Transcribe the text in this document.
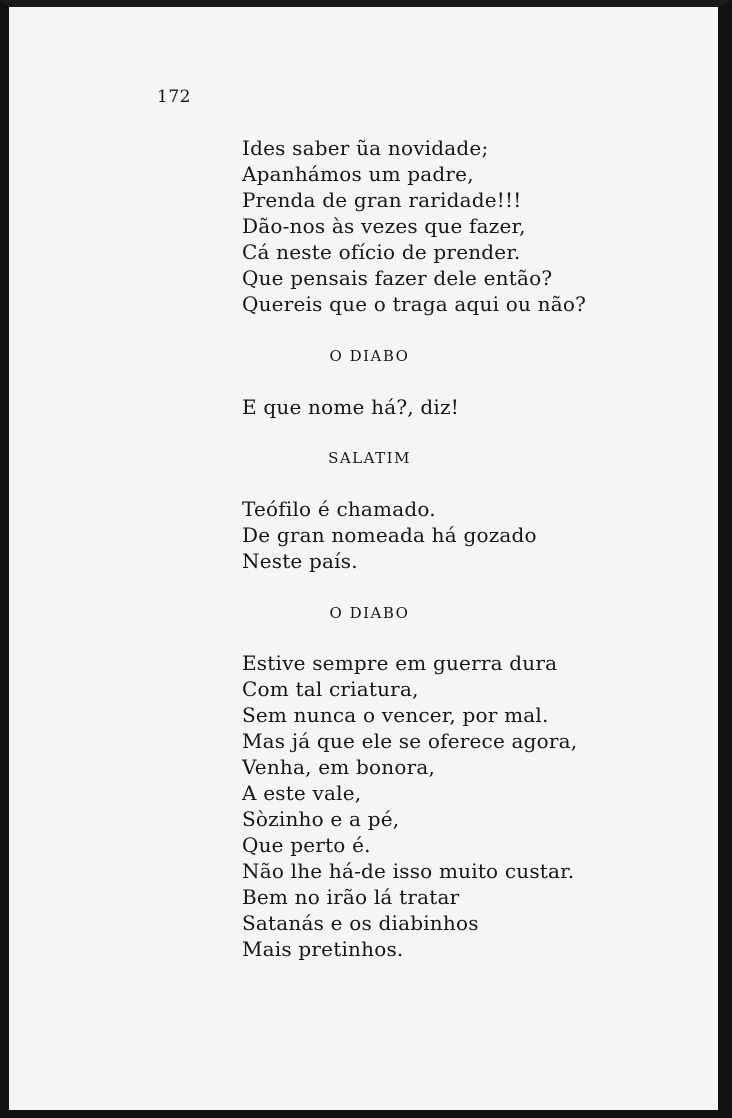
172
Ides saber ũa novidade;
Apanhámos um padre,
Prenda de gran raridade!!!
Dão-nos às vezes que fazer,
Cá neste ofício de prender.
Que pensais fazer dele então?
Quereis que o traga aqui ou não?
O DIABO
E que nome há?, diz!
SALATIM
Teófilo é chamado.
De gran nomeada há gozado
Neste país.
O DIABO
Estive sempre em guerra dura
Com tal criatura,
Sem nunca o vencer, por mal.
Mas já que ele se oferece agora,
Venha, em bonora,
A este vale,
Sòzinho e a pé,
Que perto é.
Não lhe há-de isso muito custar.
Bem no irão lá tratar
Satanás e os diabinhos
Mais pretinhos.
